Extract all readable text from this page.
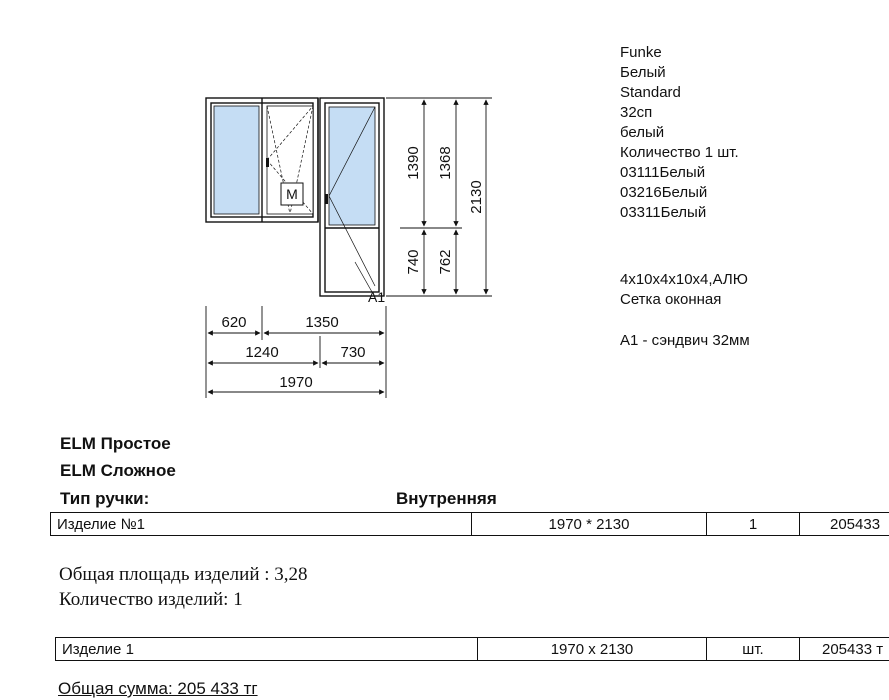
M
A1
1390 1368
2130
740 762
620	1350
1240	730
1970
Funke
Белый
Standard
32сп
белый
Количество 1 шт.
03111Белый
03216Белый
03311Белый
4x10x4x10x4,АЛЮ
Сетка оконная
А1 - сэндвич 32мм
ELM Простое
ELM Сложное
Тип ручки:	Внутренняя
Изделие №1	1970 * 2130	1	205433
Общая площадь изделий : 3,28
Количество изделий: 1
Изделие 1	1970 x 2130	шт.	205433 т
Общая сумма: 205 433 тг
